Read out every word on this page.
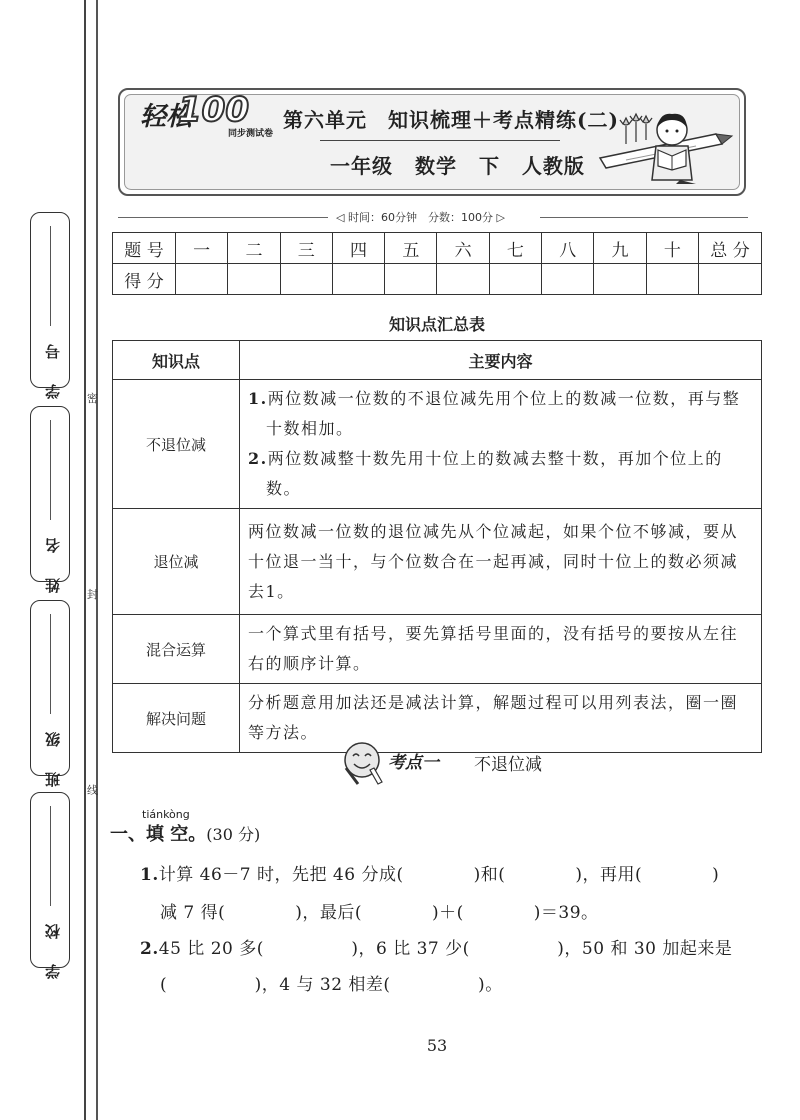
学 号
姓 名
班 级
学 校
密
封
线
轻松
100
同步测试卷
第六单元　知识梳理＋考点精练(二)
一年级 数学 下 人教版
◁ 时间：60分钟　分数：100分 ▷
题 号	一	二	三	四	五	六	七	八	九	十	总 分
得 分											
知识点汇总表
知识点	主要内容
不退位减	1.两位数减一位数的不退位减先用个位上的数减一位数，再与整十数相加。
2.两位数减整十数先用十位上的数减去整十数，再加个位上的数。

退位减	两位数减一位数的退位减先从个位减起，如果个位不够减，要从十位退一当十，与个位数合在一起再减，同时十位上的数必须减去1。
混合运算	一个算式里有括号，要先算括号里面的，没有括号的要按从左往右的顺序计算。
解决问题	分析题意用加法还是减法计算，解题过程可以用列表法，圈一圈等方法。
考点一 不退位减
tiánkòng
一、填 空。(30 分)
1.计算 46－7 时，先把 46 分成(　　　　)和(　　　　)，再用(　　　　)
减 7 得(　　　　)，最后(　　　　)＋(　　　　)＝39。
2.45 比 20 多(　　　　　)，6 比 37 少(　　　　　)，50 和 30 加起来是
(　　　　　)，4 与 32 相差(　　　　　)。
53
